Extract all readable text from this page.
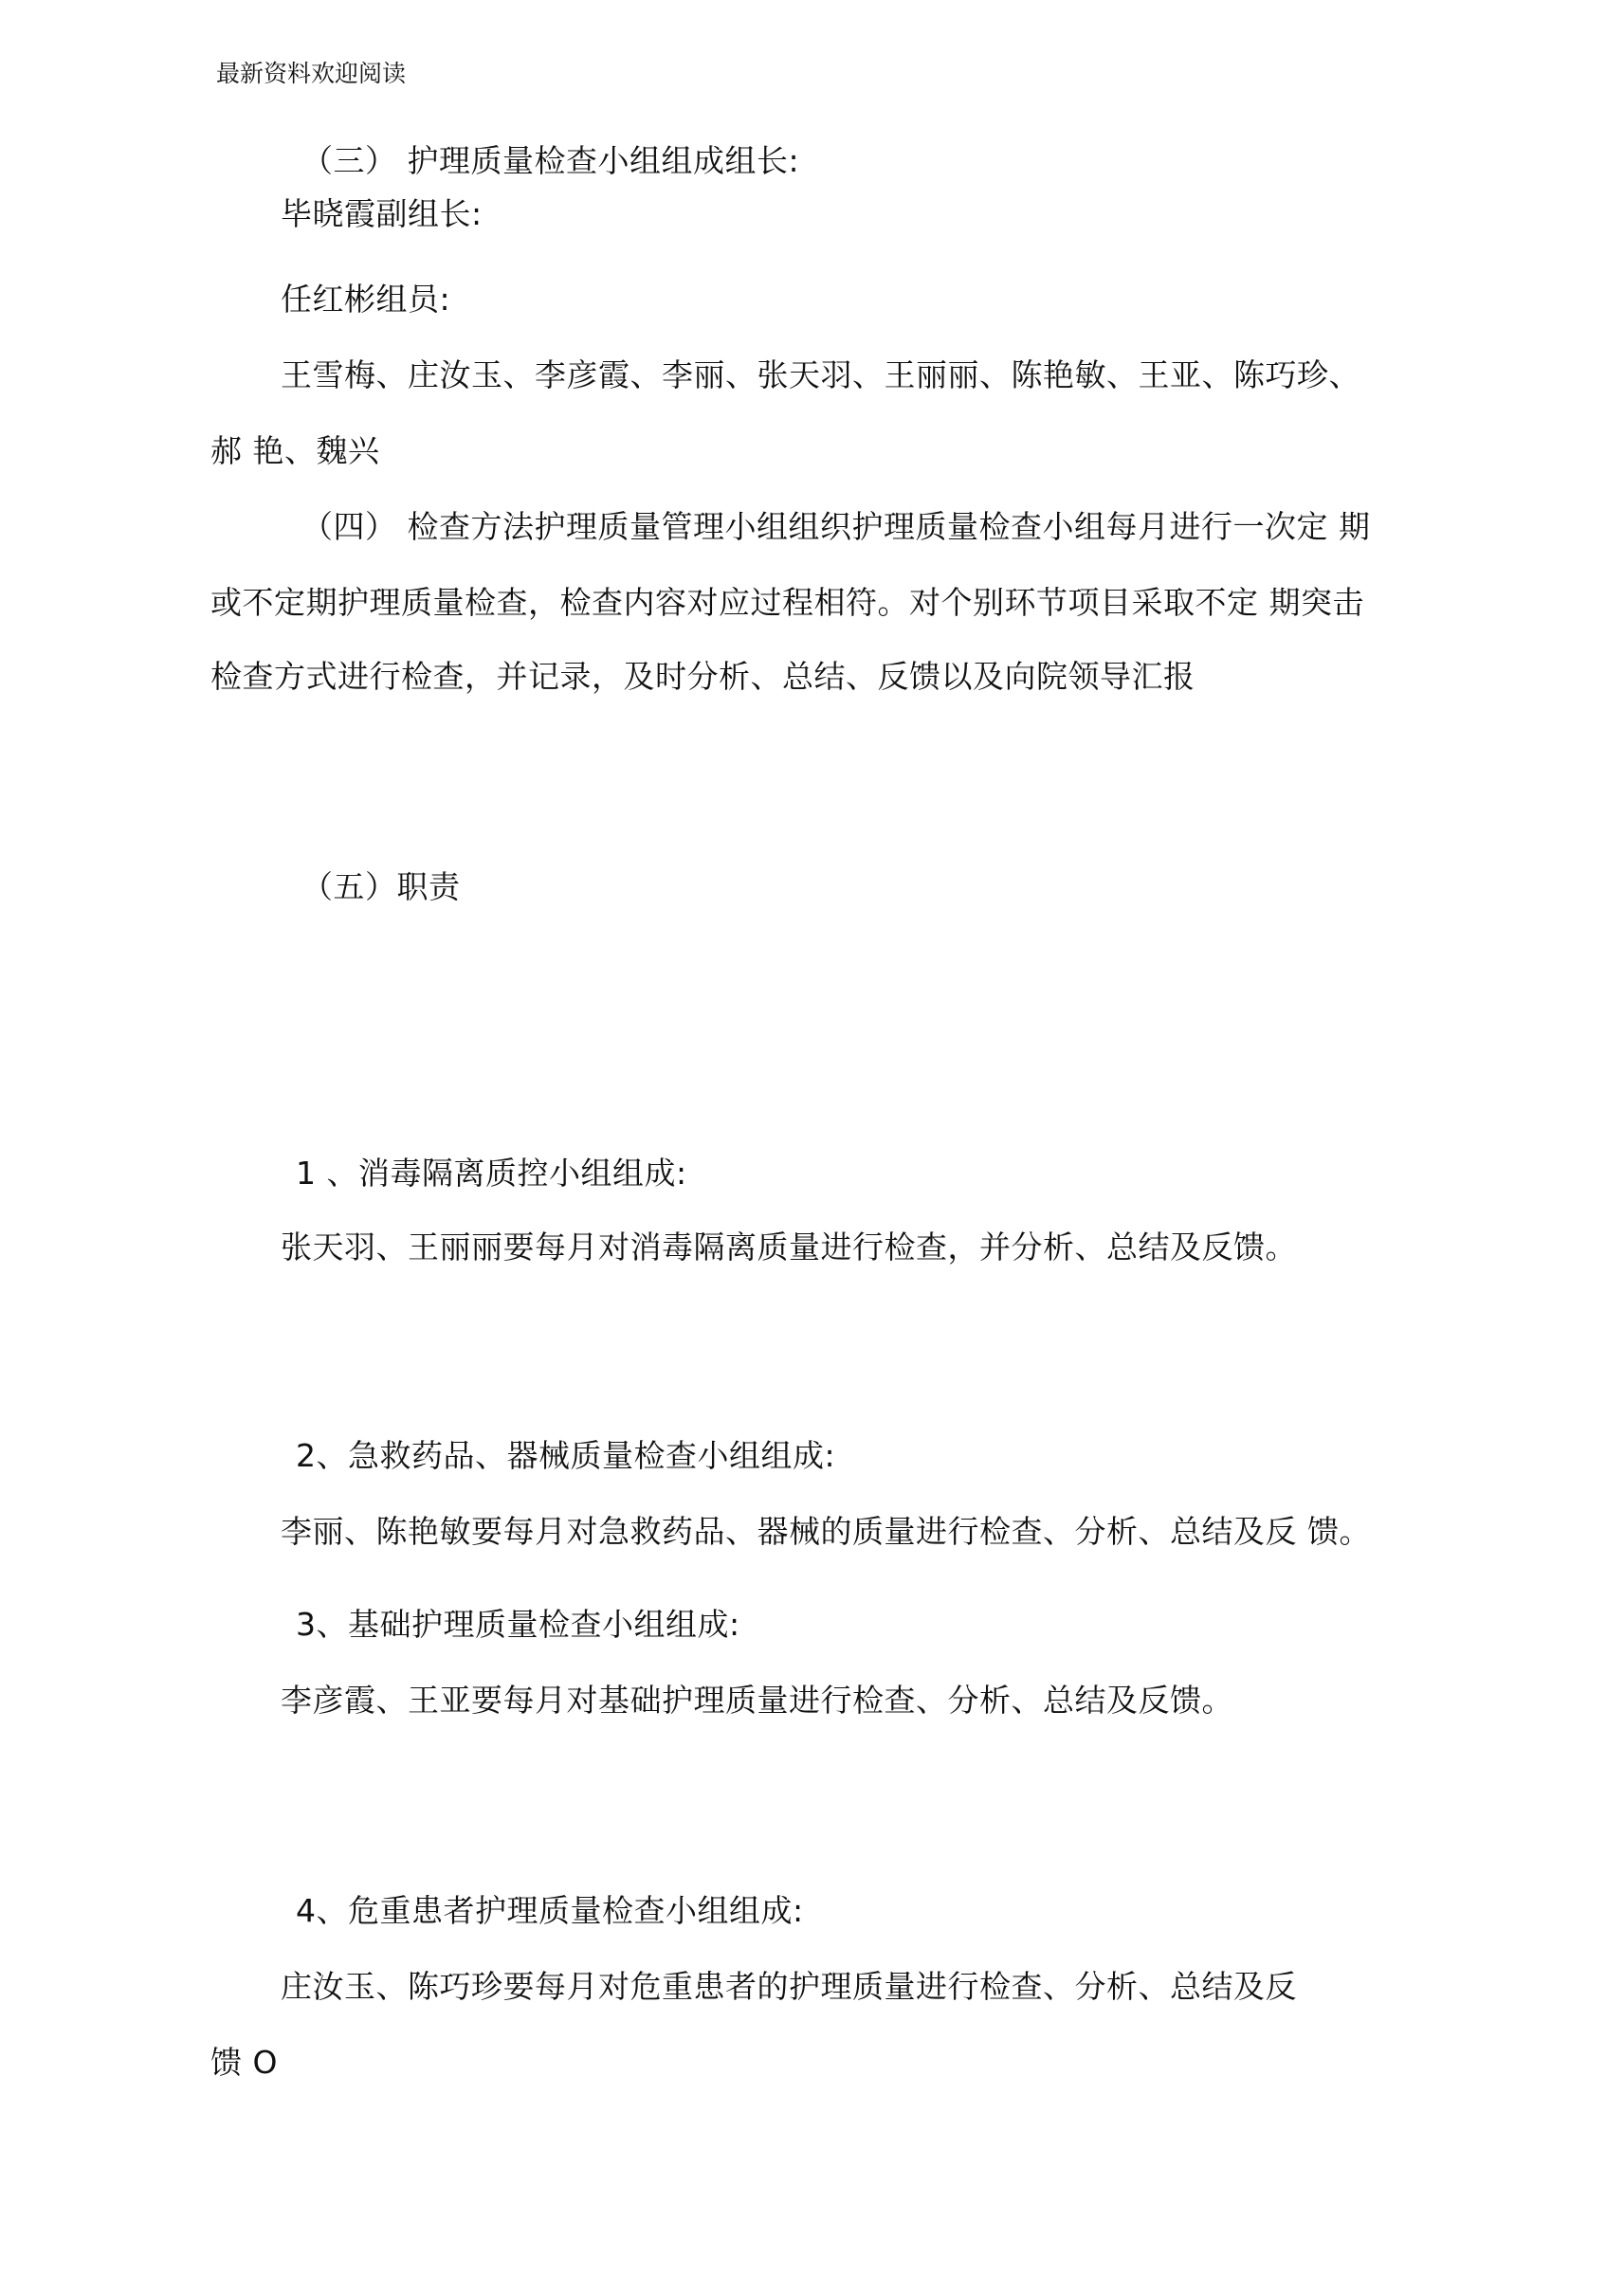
最新资料欢迎阅读
（三） 护理质量检查小组组成组长:
毕晓霞副组长:
任红彬组员:
王雪梅、庄汝玉、李彦霞、李丽、张天羽、王丽丽、陈艳敏、王亚、陈巧珍、
郝 艳、魏兴
（四） 检查方法护理质量管理小组组织护理质量检查小组每月进行一次定 期
或不定期护理质量检查，检查内容对应过程相符。对个别环节项目采取不定 期突击
检查方式进行检查，并记录，及时分析、总结、反馈以及向院领导汇报
（五）职责
1 、消毒隔离质控小组组成:
张天羽、王丽丽要每月对消毒隔离质量进行检查，并分析、总结及反馈。
2、急救药品、器械质量检查小组组成:
李丽、陈艳敏要每月对急救药品、器械的质量进行检查、分析、总结及反 馈。
3、基础护理质量检查小组组成:
李彦霞、王亚要每月对基础护理质量进行检查、分析、总结及反馈。
4、危重患者护理质量检查小组组成:
庄汝玉、陈巧珍要每月对危重患者的护理质量进行检查、分析、总结及反
馈 O
